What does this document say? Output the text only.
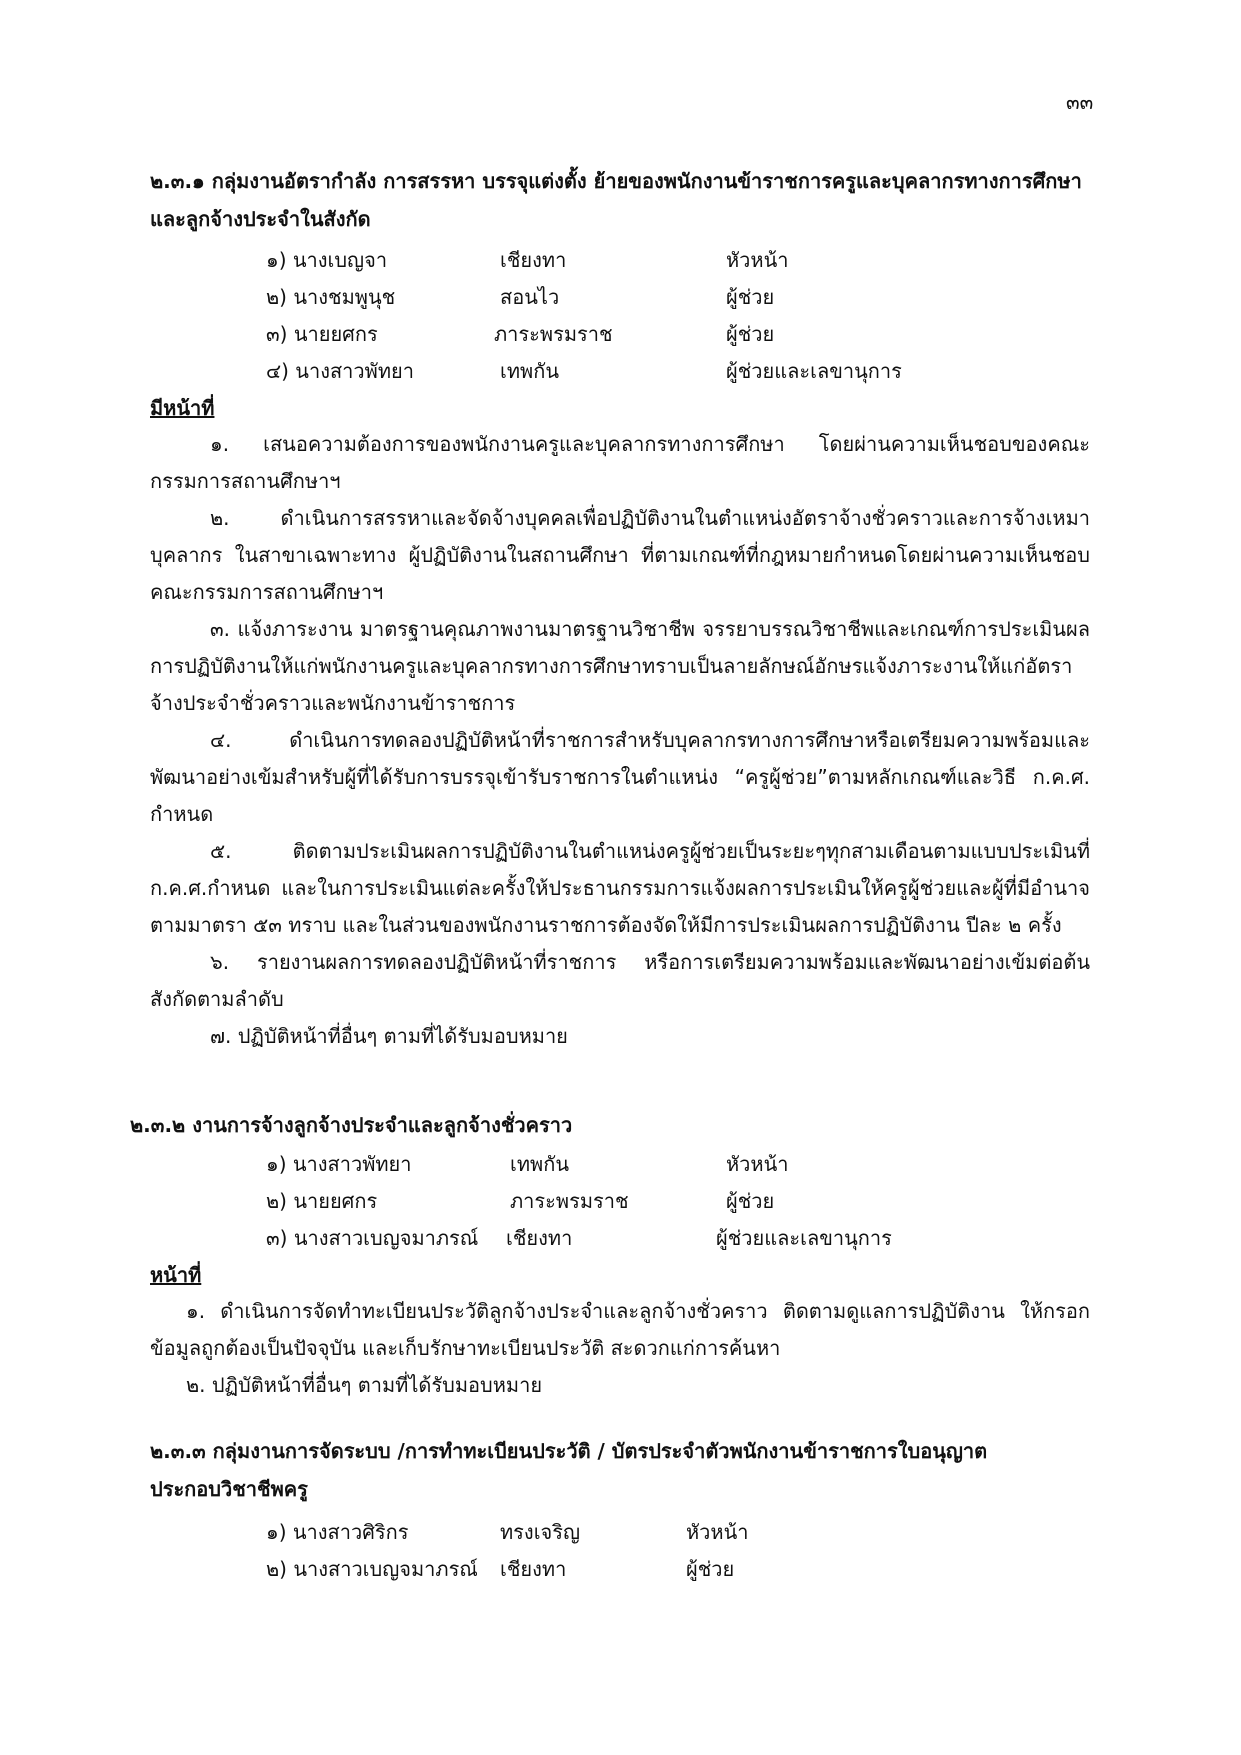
๓๓

๒.๓.๑ กลุ่มงานอัตรากำลัง การสรรหา บรรจุแต่งตั้ง ย้ายของพนักงานข้าราชการครูและบุคลากรทางการศึกษา
และลูกจ้างประจำในสังกัด

๑) นางเบญจา	เชียงทา	หัวหน้า
๒) นางชมพูนุช	สอนไว	ผู้ช่วย
๓) นายยศกร	ภาระพรมราช	ผู้ช่วย
๔) นางสาวพัทยา	เทพกัน	ผู้ช่วยและเลขานุการ

มีหน้าที่

๑. เสนอความต้องการของพนักงานครูและบุคลากรทางการศึกษา โดยผ่านความเห็นชอบของคณะกรรมการสถานศึกษาฯ

๒. ดำเนินการสรรหาและจัดจ้างบุคคลเพื่อปฏิบัติงานในตำแหน่งอัตราจ้างชั่วคราวและการจ้างเหมาบุคลากร ในสาขาเฉพาะทาง ผู้ปฏิบัติงานในสถานศึกษา ที่ตามเกณฑ์ที่กฎหมายกำหนดโดยผ่านความเห็นชอบคณะกรรมการสถานศึกษาฯ

๓. แจ้งภาระงาน มาตรฐานคุณภาพงานมาตรฐานวิชาชีพ จรรยาบรรณวิชาชีพและเกณฑ์การประเมินผลการปฏิบัติงานให้แก่พนักงานครูและบุคลากรทางการศึกษาทราบเป็นลายลักษณ์อักษรแจ้งภาระงานให้แก่อัตราจ้างประจำชั่วคราวและพนักงานข้าราชการ

๔. ดำเนินการทดลองปฏิบัติหน้าที่ราชการสำหรับบุคลากรทางการศึกษาหรือเตรียมความพร้อมและพัฒนาอย่างเข้มสำหรับผู้ที่ได้รับการบรรจุเข้ารับราชการในตำแหน่ง “ครูผู้ช่วย”ตามหลักเกณฑ์และวิธี ก.ค.ศ. กำหนด

๕. ติดตามประเมินผลการปฏิบัติงานในตำแหน่งครูผู้ช่วยเป็นระยะๆทุกสามเดือนตามแบบประเมินที่ ก.ค.ศ.กำหนด และในการประเมินแต่ละครั้งให้ประธานกรรมการแจ้งผลการประเมินให้ครูผู้ช่วยและผู้ที่มีอำนาจตามมาตรา ๕๓ ทราบ และในส่วนของพนักงานราชการต้องจัดให้มีการประเมินผลการปฏิบัติงาน ปีละ ๒ ครั้ง

๖. รายงานผลการทดลองปฏิบัติหน้าที่ราชการ หรือการเตรียมความพร้อมและพัฒนาอย่างเข้มต่อต้นสังกัดตามลำดับ

๗. ปฏิบัติหน้าที่อื่นๆ ตามที่ได้รับมอบหมาย

๒.๓.๒ งานการจ้างลูกจ้างประจำและลูกจ้างชั่วคราว

๑) นางสาวพัทยา	เทพกัน	หัวหน้า
๒) นายยศกร	ภาระพรมราช	ผู้ช่วย
๓) นางสาวเบญจมาภรณ์ เชียงทา	ผู้ช่วยและเลขานุการ

หน้าที่

๑. ดำเนินการจัดทำทะเบียนประวัติลูกจ้างประจำและลูกจ้างชั่วคราว ติดตามดูแลการปฏิบัติงาน ให้กรอกข้อมูลถูกต้องเป็นปัจจุบัน และเก็บรักษาทะเบียนประวัติ สะดวกแก่การค้นหา

๒. ปฏิบัติหน้าที่อื่นๆ ตามที่ได้รับมอบหมาย

๒.๓.๓ กลุ่มงานการจัดระบบ /การทำทะเบียนประวัติ / บัตรประจำตัวพนักงานข้าราชการใบอนุญาต
ประกอบวิชาชีพครู

๑) นางสาวศิริกร	ทรงเจริญ	หัวหน้า
๒) นางสาวเบญจมาภรณ์ เชียงทา	ผู้ช่วย
